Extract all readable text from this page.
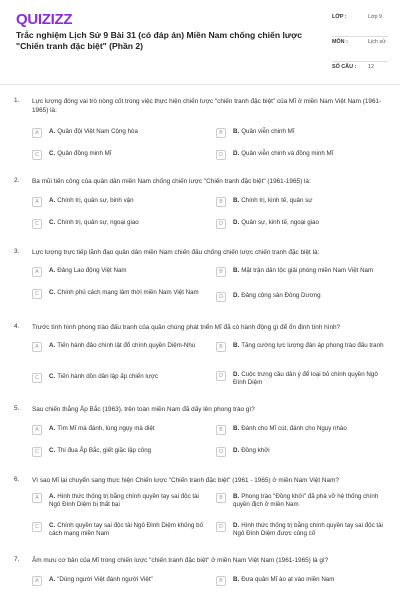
QUIZIZZ
Trắc nghiệm Lịch Sử 9 Bài 31 (có đáp án) Miền Nam chống chiến lược "Chiến tranh đặc biệt" (Phần 2)
LỚP :	Lớp 9
MÔN :	Lịch sử
SỐ CÂU :	12
1. Lực lượng đóng vai trò nòng cốt trong việc thực hiện chiến lược "chiến tranh đặc biệt" của Mĩ ở miền Nam Việt Nam (1961-1965) là:
A	A. Quân đội Việt Nam Cộng hòa	B	B. Quân viễn chinh Mĩ
C	C. Quân đồng minh Mĩ	D	D. Quân viễn chinh và đồng minh Mĩ
2. Ba mũi tiến công của quân dân miền Nam chống chiến lược "Chiến tranh đặc biệt" (1961-1965) là:
A	A. Chính trị, quân sự, binh vận	B	B. Chính trị, kinh tế, quân sự
C	C. Chính trị, quân sự, ngoại giao	D	D. Quân sự, kinh tế, ngoại giao
3. Lực lượng trực tiếp lãnh đạo quân dân miền Nam chiến đấu chống chiến lược chiến tranh đặc biệt là:
A	A. Đảng Lao động Việt Nam	B	B. Mặt trận dân tộc giải phóng miền Nam Việt Nam
C	C. Chính phủ cách mạng lâm thời miền Nam Việt Nam
D	D. Đảng cộng sản Đông Dương
4. Trước tình hình phong trào đấu tranh của quần chúng phát triển Mĩ đã có hành động gì để ổn định tình hình?
A	A. Tiến hành đảo chính lật đổ chính quyền Diệm-Nhu	B	B. Tăng cường lực lượng đàn áp phong trào đấu tranh
C	C. Tiến hành dồn dân lập ấp chiến lược	D	D. Cuộc trưng cầu dân ý để loại bỏ chính quyền Ngô Đình Diệm
5. Sau chiến thắng Ấp Bắc (1963), trên toàn miền Nam đã dấy lên phong trào gì?
A	A. Tìm Mĩ mà đánh, lùng ngụy mà diệt	B	B. Đánh cho Mĩ cút, đánh cho Ngụy nhào
C	C. Thi đua Ấp Bắc, giết giặc lập công	D	D. Đồng khởi
6. Vì sao Mĩ lại chuyển sang thực hiện Chiến lược "Chiến tranh đặc biệt" (1961 - 1965) ở miền Nam Việt Nam?
A	A. Hình thức thống trị bằng chính quyền tay sai độc tài Ngô Đình Diệm bị thất bại
B	B. Phong trào "Đồng khởi" đã phá vỡ hệ thống chính quyền địch ở miền Nam
C	C. Chính quyền tay sai độc tài Ngô Đình Diệm khủng bố cách mạng miền Nam
D	D. Hình thức thống trị bằng chính quyền tay sai độc tài Ngô Đình Diệm được củng cố
7. Âm mưu cơ bản của Mĩ trong chiến lược "chiến tranh đặc biệt" ở miền Nam Việt Nam (1961-1965) là gì?
A	A. "Dùng người Việt đánh người Việt"	B	B. Đưa quân Mĩ ào ạt vào miền Nam
